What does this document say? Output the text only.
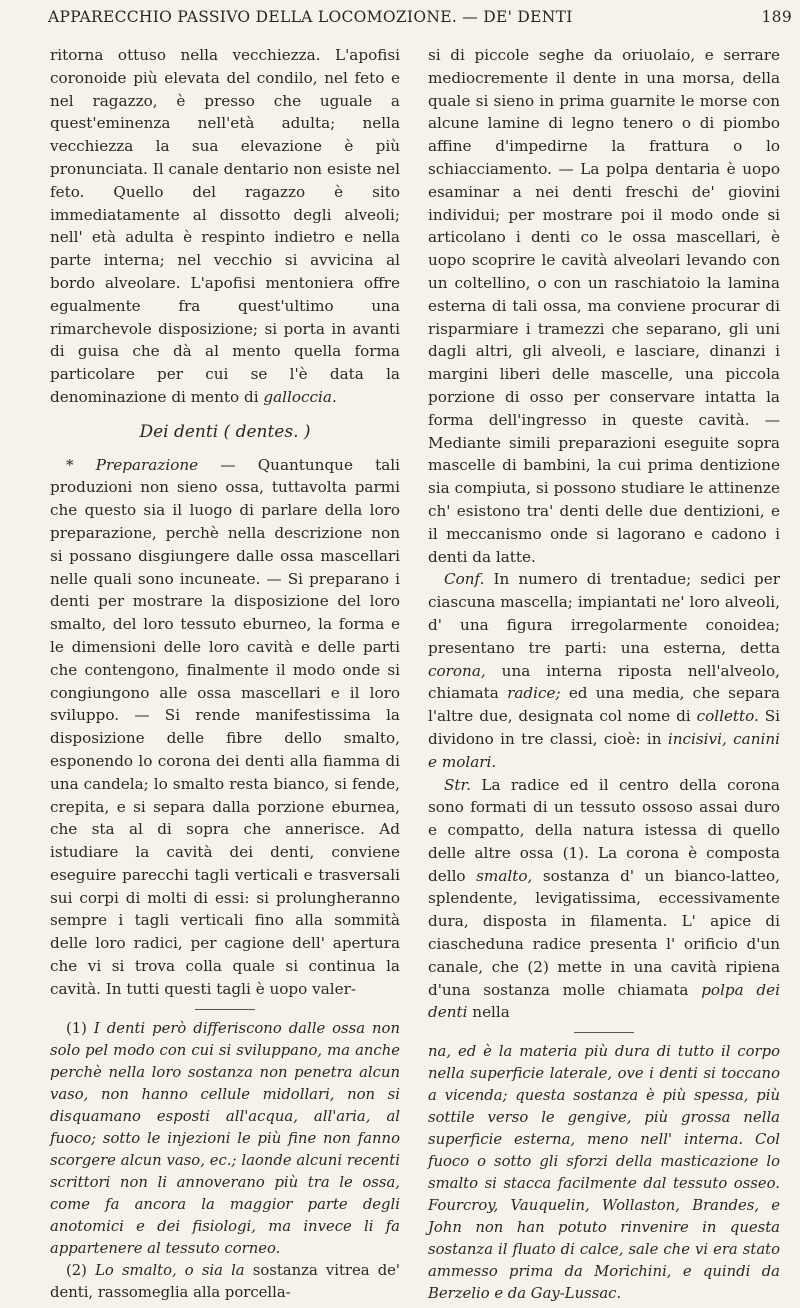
APPARECCHIO PASSIVO DELLA LOCOMOZIONE. — DE' DENTI	189

ritorna ottuso nella vecchiezza. L'apofisi coronoide più elevata del condilo, nel feto e nel ragazzo, è presso che uguale a quest'eminenza nell'età adulta; nella vecchiezza la sua elevazione è più pronunciata. Il canale dentario non esiste nel feto. Quello del ragazzo è sito immediatamente al dissotto degli alveoli; nell' età adulta è respinto indietro e nella parte interna; nel vecchio si avvicina al bordo alveolare. L'apofisi mentoniera offre egualmente fra quest'ultimo una rimarchevole disposizione; si porta in avanti di guisa che dà al mento quella forma particolare per cui se l'è data la denominazione di mento di galloccia.

Dei denti ( dentes. )

* Preparazione — Quantunque tali produzioni non sieno ossa, tuttavolta parmi che questo sia il luogo di parlare della loro preparazione, perchè nella descrizione non si possano disgiungere dalle ossa mascellari nelle quali sono incuneate. — Si preparano i denti per mostrare la disposizione del loro smalto, del loro tessuto eburneo, la forma e le dimensioni delle loro cavità e delle parti che contengono, finalmente il modo onde si congiungono alle ossa mascellari e il loro sviluppo. — Si rende manifestissima la disposizione delle fibre dello smalto, esponendo lo corona dei denti alla fiamma di una candela; lo smalto resta bianco, si fende, crepita, e si separa dalla porzione eburnea, che sta al di sopra che annerisce. Ad istudiare la cavità dei denti, conviene eseguire parecchi tagli verticali e trasversali sui corpi di molti di essi: si prolungheranno sempre i tagli verticali fino alla sommità delle loro radici, per cagione dell' apertura che vi si trova colla quale si continua la cavità. In tutti questi tagli è uopo valer-

(1) I denti però differiscono dalle ossa non solo pel modo con cui si sviluppano, ma anche perchè nella loro sostanza non penetra alcun vaso, non hanno cellule midollari, non si disquamano esposti all'acqua, all'aria, al fuoco; sotto le injezioni le più fine non fanno scorgere alcun vaso, ec.; laonde alcuni recenti scrittori non li annoverano più tra le ossa, come fa ancora la maggior parte degli anotomici e dei fisiologi, ma invece li fa appartenere al tessuto corneo.

(2) Lo smalto, o sia la sostanza vitrea de' denti, rassomeglia alla porcella-

si di piccole seghe da oriuolaio, e serrare mediocremente il dente in una morsa, della quale si sieno in prima guarnite le morse con alcune lamine di legno tenero o di piombo affine d'impedirne la frattura o lo schiacciamento. — La polpa dentaria è uopo esaminar a nei denti freschi de' giovini individui; per mostrare poi il modo onde si articolano i denti co le ossa mascellari, è uopo scoprire le cavità alveolari levando con un coltellino, o con un raschiatoio la lamina esterna di tali ossa, ma conviene procurar di risparmiare i tramezzi che separano, gli uni dagli altri, gli alveoli, e lasciare, dinanzi i margini liberi delle mascelle, una piccola porzione di osso per conservare intatta la forma dell'ingresso in queste cavità. — Mediante simili preparazioni eseguite sopra mascelle di bambini, la cui prima dentizione sia compiuta, si possono studiare le attinenze ch' esistono tra' denti delle due dentizioni, e il meccanismo onde si lagorano e cadono i denti da latte.

Conf. In numero di trentadue; sedici per ciascuna mascella; impiantati ne' loro alveoli, d' una figura irregolarmente conoidea; presentano tre parti: una esterna, detta corona, una interna riposta nell'alveolo, chiamata radice; ed una media, che separa l'altre due, designata col nome di colletto. Si dividono in tre classi, cioè: in incisivi, canini e molari.

Str. La radice ed il centro della corona sono formati di un tessuto ossoso assai duro e compatto, della natura istessa di quello delle altre ossa (1). La corona è composta dello smalto, sostanza d' un bianco-latteo, splendente, levigatissima, eccessivamente dura, disposta in filamenta. L' apice di ciascheduna radice presenta l' orificio d'un canale, che (2) mette in una cavità ripiena d'una sostanza molle chiamata polpa dei denti nella

na, ed è la materia più dura di tutto il corpo nella superficie laterale, ove i denti si toccano a vicenda; questa sostanza è più spessa, più sottile verso le gengive, più grossa nella superficie esterna, meno nell' interna. Col fuoco o sotto gli sforzi della masticazione lo smalto si stacca facilmente dal tessuto osseo. Fourcroy, Vauquelin, Wollaston, Brandes, e John non han potuto rinvenire in questa sostanza il fluato di calce, sale che vi era stato ammesso prima da Morichini, e quindi da Berzelio e da Gay-Lussac.
